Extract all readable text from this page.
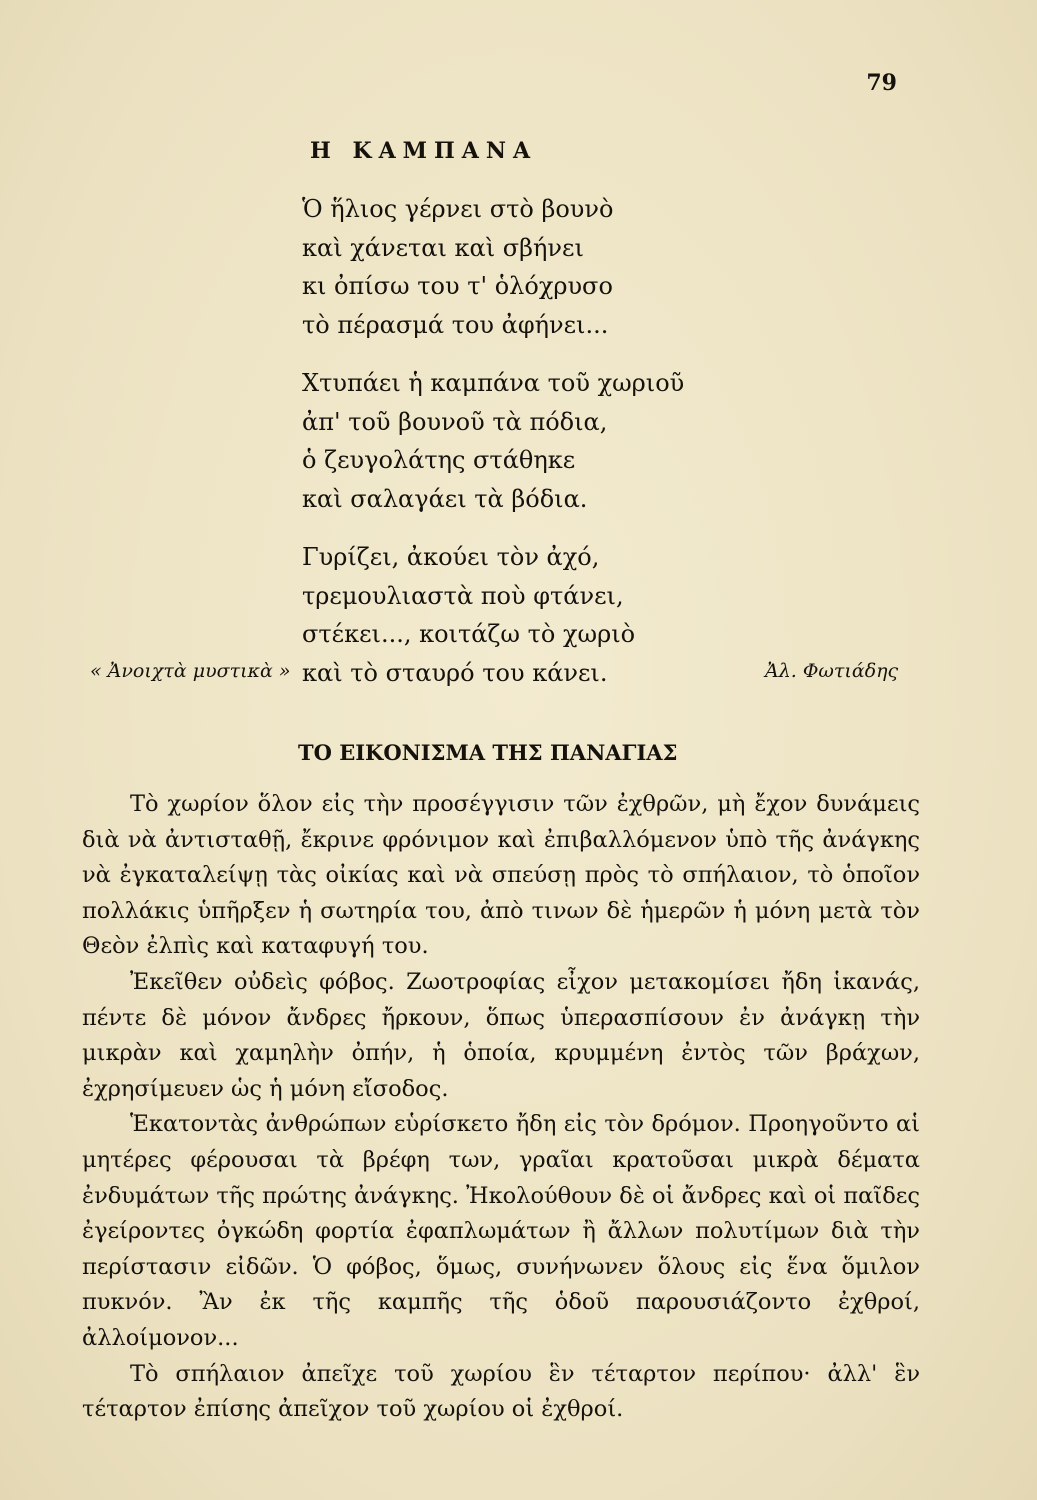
79
Η ΚΑΜΠΑΝΑ
Ὁ ἥλιος γέρνει στὸ βουνὸ
καὶ χάνεται καὶ σβήνει
κι ὀπίσω του τ' ὁλόχρυσο
τὸ πέρασμά του ἀφήνει...
Χτυπάει ἡ καμπάνα τοῦ χωριοῦ
ἀπ' τοῦ βουνοῦ τὰ πόδια,
ὁ ζευγολάτης στάθηκε
καὶ σαλαγάει τὰ βόδια.
Γυρίζει, ἀκούει τὸν ἀχό,
τρεμουλιαστὰ ποὺ φτάνει,
στέκει..., κοιτάζω τὸ χωριὸ
καὶ τὸ σταυρό του κάνει.
« Ἀνοιχτὰ μυστικὰ »	Ἀλ. Φωτιάδης
ΤΟ ΕΙΚΟΝΙΣΜΑ ΤΗΣ ΠΑΝΑΓΙΑΣ

Τὸ χωρίον ὅλον εἰς τὴν προσέγγισιν τῶν ἐχθρῶν, μὴ ἔχον δυνάμεις διὰ νὰ ἀντισταθῇ, ἔκρινε φρόνιμον καὶ ἐπιβαλλόμενον ὑπὸ τῆς ἀνάγκης νὰ ἐγκαταλείψῃ τὰς οἰκίας καὶ νὰ σπεύσῃ πρὸς τὸ σπήλαιον, τὸ ὁποῖον πολλάκις ὑπῆρξεν ἡ σωτηρία του, ἀπὸ τινων δὲ ἡμερῶν ἡ μόνη μετὰ τὸν Θεὸν ἐλπὶς καὶ καταφυγή του.

Ἐκεῖθεν οὐδεὶς φόβος. Ζωοτροφίας εἶχον μετακομίσει ἤδη ἱκανάς, πέντε δὲ μόνον ἄνδρες ἤρκουν, ὅπως ὑπερασπίσουν ἐν ἀνάγκῃ τὴν μικρὰν καὶ χαμηλὴν ὀπήν, ἡ ὁποία, κρυμμένη ἐντὸς τῶν βράχων, ἐχρησίμευεν ὡς ἡ μόνη εἴσοδος.

Ἑκατοντὰς ἀνθρώπων εὑρίσκετο ἤδη εἰς τὸν δρόμον. Προηγοῦντο αἱ μητέρες φέρουσαι τὰ βρέφη των, γραῖαι κρατοῦσαι μικρὰ δέματα ἐνδυμάτων τῆς πρώτης ἀνάγκης. Ἠκολούθουν δὲ οἱ ἄνδρες καὶ οἱ παῖδες ἐγείροντες ὀγκώδη φορτία ἐφαπλωμάτων ἢ ἄλλων πολυτίμων διὰ τὴν περίστασιν εἰδῶν. Ὁ φόβος, ὅμως, συνήνωνεν ὅλους εἰς ἕνα ὅμιλον πυκνόν. Ἂν ἐκ τῆς καμπῆς τῆς ὁδοῦ παρουσιάζοντο ἐχθροί, ἀλλοίμονον...

Τὸ σπήλαιον ἀπεῖχε τοῦ χωρίου ἓν τέταρτον περίπου· ἀλλ' ἓν τέταρτον ἐπίσης ἀπεῖχον τοῦ χωρίου οἱ ἐχθροί.
